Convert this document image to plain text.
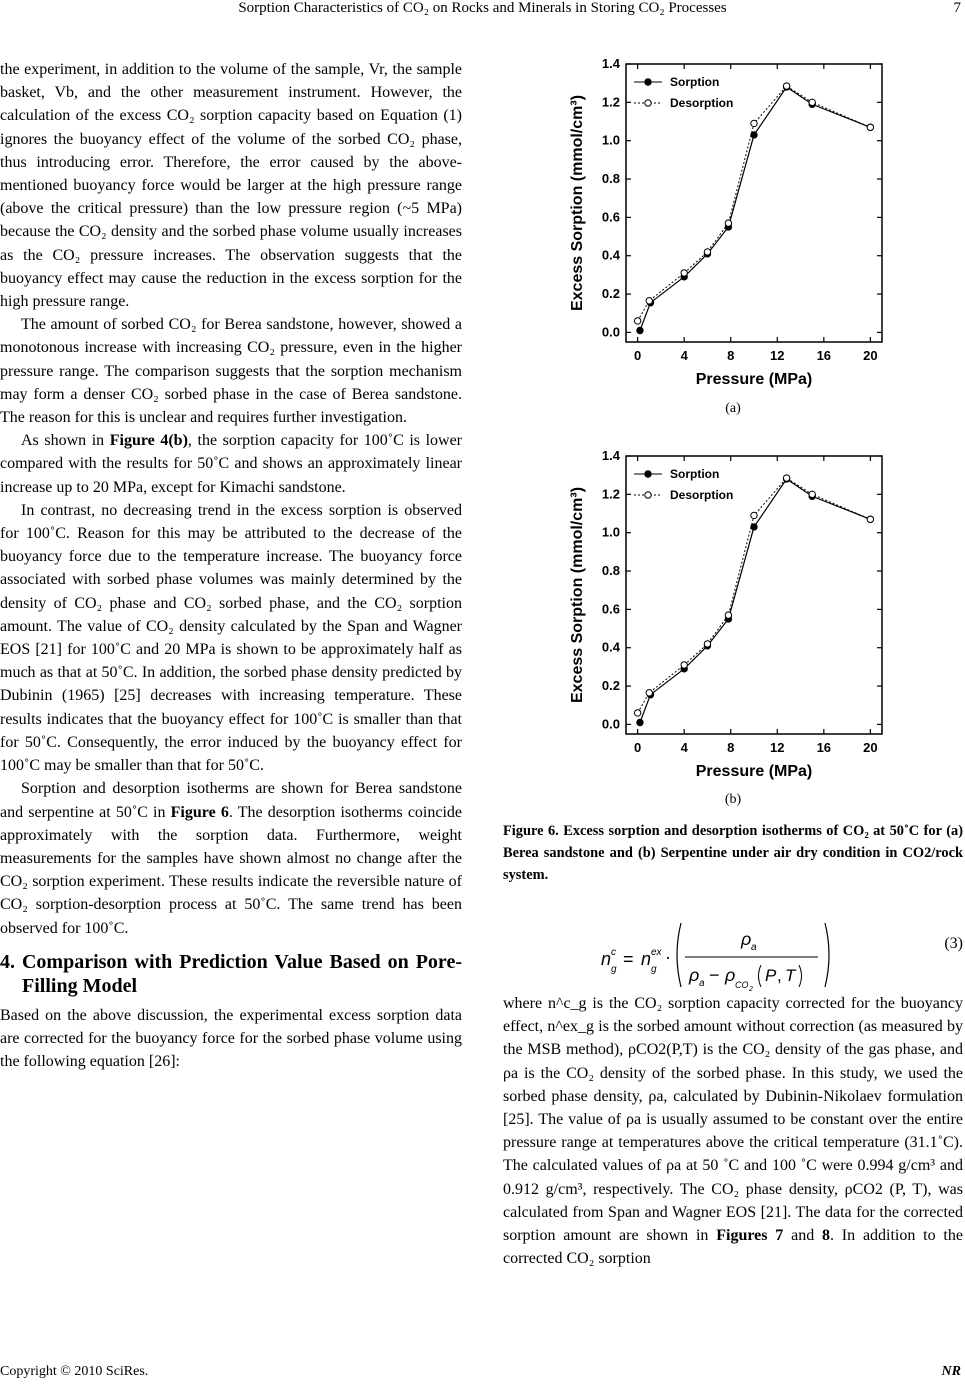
Sorption Characteristics of CO₂ on Rocks and Minerals in Storing CO₂ Processes	7

the experiment, in addition to the volume of the sample, Vr, the sample basket, Vb, and the other measurement instrument. However, the calculation of the excess CO₂ sorption capacity based on Equation (1) ignores the buoyancy effect of the volume of the sorbed CO₂ phase, thus introducing error. Therefore, the error caused by the above-mentioned buoyancy force would be larger at the high pressure range (above the critical pressure) than the low pressure region (~5 MPa) because the CO₂ density and the sorbed phase volume usually increases as the CO₂ pressure increases. The observation suggests that the buoyancy effect may cause the reduction in the excess sorption for the high pressure range.

The amount of sorbed CO₂ for Berea sandstone, however, showed a monotonous increase with increasing CO₂ pressure, even in the higher pressure range. The comparison suggests that the sorption mechanism may form a denser CO₂ sorbed phase in the case of Berea sandstone. The reason for this is unclear and requires further investigation.

As shown in Figure 4(b), the sorption capacity for 100˚C is lower compared with the results for 50˚C and shows an approximately linear increase up to 20 MPa, except for Kimachi sandstone.

In contrast, no decreasing trend in the excess sorption is observed for 100˚C. Reason for this may be attributed to the decrease of the buoyancy force due to the temperature increase. The buoyancy force associated with sorbed phase volumes was mainly determined by the density of CO₂ phase and CO₂ sorbed phase, and the CO₂ sorption amount. The value of CO₂ density calculated by the Span and Wagner EOS [21] for 100˚C and 20 MPa is shown to be approximately half as much as that at 50˚C. In addition, the sorbed phase density predicted by Dubinin (1965) [25] decreases with increasing temperature. These results indicates that the buoyancy effect for 100˚C is smaller than that for 50˚C. Consequently, the error induced by the buoyancy effect for 100˚C may be smaller than that for 50˚C.

Sorption and desorption isotherms are shown for Berea sandstone and serpentine at 50˚C in Figure 6. The desorption isotherms coincide approximately with the sorption data. Furthermore, weight measurements for the samples have shown almost no change after the CO₂ sorption experiment. These results indicate the reversible nature of CO₂ sorption-desorption process at 50˚C. The same trend has been observed for 100˚C.

4. Comparison with Prediction Value Based on Pore-Filling Model

Based on the above discussion, the experimental excess sorption data are corrected for the buoyancy force for the sorbed phase volume using the following equation [26]:

0	4	8	12 16 20
0.0
0.2
0.4
0.6
0.8
1.0
1.2
1.4
Pressure (MPa)
Excess Sorption (mmol/cm³)
Sorption
Desorption
(a)
0	4	8	12 16 20
0.0
0.2
0.4
0.6
0.8
1.0
1.2
1.4
Pressure (MPa)
Excess Sorption (mmol/cm³)
Sorption
Desorption
(b)
Figure 6. Excess sorption and desorption isotherms of CO₂ at 50˚C for (a) Berea sandstone and (b) Serpentine under air dry condition in CO2/rock system.
n c
g
= n ex
g
·
ρ a
ρ a − ρ CO 2
P , T
(3)

where n^c_g is the CO₂ sorption capacity corrected for the buoyancy effect, n^ex_g is the sorbed amount without correction (as measured by the MSB method), ρCO2(P,T) is the CO₂ density of the gas phase, and ρa is the CO₂ density of the sorbed phase. In this study, we used the sorbed phase density, ρa, calculated by Dubinin-Nikolaev formulation [25]. The value of ρa is usually assumed to be constant over the entire pressure range at temperatures above the critical temperature (31.1˚C). The calculated values of ρa at 50 ˚C and 100 ˚C were 0.994 g/cm³ and 0.912 g/cm³, respectively. The CO₂ phase density, ρCO2 (P, T), was calculated from Span and Wagner EOS [21]. The data for the corrected sorption amount are shown in Figures 7 and 8. In addition to the corrected CO₂ sorption

Copyright © 2010 SciRes.	NR
